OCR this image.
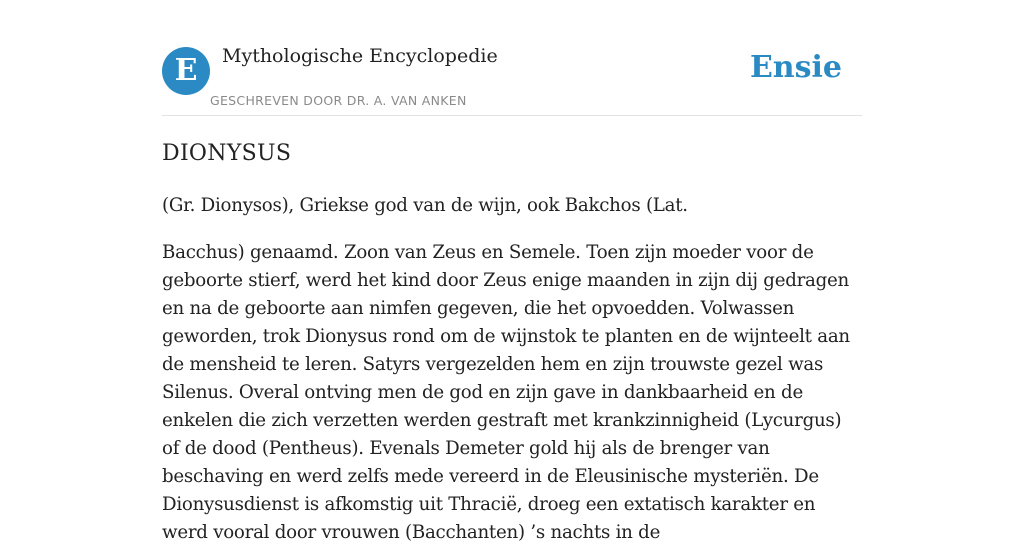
E	Mythologische Encyclopedie
GESCHREVEN DOOR DR. A. VAN ANKEN
Ensie
DIONYSUS

(Gr. Dionysos), Griekse god van de wijn, ook Bakchos (Lat.

Bacchus) genaamd. Zoon van Zeus en Semele. Toen zijn moeder voor de geboorte stierf, werd het kind door Zeus enige maanden in zijn dij gedragen en na de geboorte aan nimfen gegeven, die het opvoedden. Volwassen geworden, trok Dionysus rond om de wijnstok te planten en de wijnteelt aan de mensheid te leren. Satyrs vergezelden hem en zijn trouwste gezel was Silenus. Overal ontving men de god en zijn gave in dankbaarheid en de enkelen die zich verzetten werden gestraft met krankzinnigheid (Lycurgus) of de dood (Pentheus). Evenals Demeter gold hij als de brenger van beschaving en werd zelfs mede vereerd in de Eleusinische mysteriën. De Dionysusdienst is afkomstig uit Thracië, droeg een extatisch karakter en werd vooral door vrouwen (Bacchanten) ’s nachts in de
